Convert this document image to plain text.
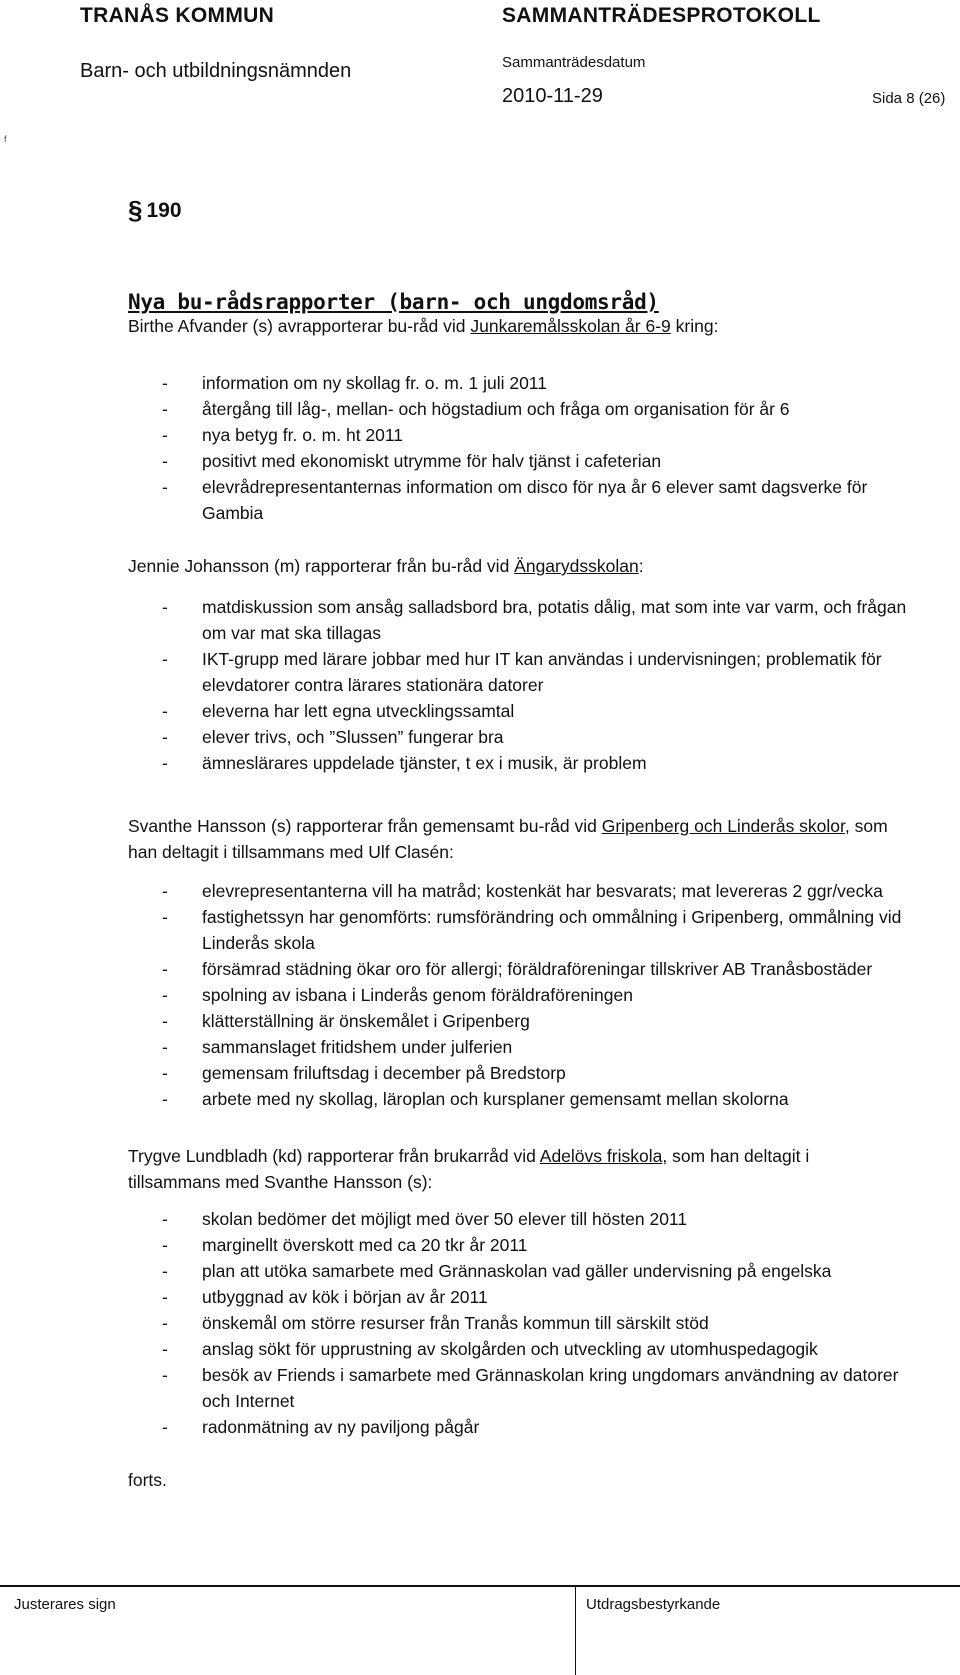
TRANÅS KOMMUN
Barn- och utbildningsnämnden
SAMMANTRÄDESPROTOKOLL
Sammanträdesdatum
2010-11-29	Sida 8 (26)
f
§ 190
Nya bu-rådsrapporter (barn- och ungdomsråd)
Birthe Afvander (s) avrapporterar bu-råd vid Junkaremålsskolan år 6-9 kring:
- information om ny skollag fr. o. m. 1 juli 2011
- återgång till låg-, mellan- och högstadium och fråga om organisation för år 6
- nya betyg fr. o. m. ht 2011
- positivt med ekonomiskt utrymme för halv tjänst i cafeterian
- elevrådrepresentanternas information om disco för nya år 6 elever samt dagsverke för
Gambia
Jennie Johansson (m) rapporterar från bu-råd vid Ängarydsskolan:
- matdiskussion som ansåg salladsbord bra, potatis dålig, mat som inte var varm, och frågan
om var mat ska tillagas
- IKT-grupp med lärare jobbar med hur IT kan användas i undervisningen; problematik för
elevdatorer contra lärares stationära datorer
- eleverna har lett egna utvecklingssamtal
- elever trivs, och ”Slussen” fungerar bra
- ämneslärares uppdelade tjänster, t ex i musik, är problem
Svanthe Hansson (s) rapporterar från gemensamt bu-råd vid Gripenberg och Linderås skolor, som
han deltagit i tillsammans med Ulf Clasén:
- elevrepresentanterna vill ha matråd; kostenkät har besvarats; mat levereras 2 ggr/vecka
- fastighetssyn har genomförts: rumsförändring och ommålning i Gripenberg, ommålning vid
Linderås skola
- försämrad städning ökar oro för allergi; föräldraföreningar tillskriver AB Tranåsbostäder
- spolning av isbana i Linderås genom föräldraföreningen
- klätterställning är önskemålet i Gripenberg
- sammanslaget fritidshem under julferien
- gemensam friluftsdag i december på Bredstorp
- arbete med ny skollag, läroplan och kursplaner gemensamt mellan skolorna
Trygve Lundbladh (kd) rapporterar från brukarråd vid Adelövs friskola, som han deltagit i
tillsammans med Svanthe Hansson (s):
- skolan bedömer det möjligt med över 50 elever till hösten 2011
- marginellt överskott med ca 20 tkr år 2011
- plan att utöka samarbete med Grännaskolan vad gäller undervisning på engelska
- utbyggnad av kök i början av år 2011
- önskemål om större resurser från Tranås kommun till särskilt stöd
- anslag sökt för upprustning av skolgården och utveckling av utomhuspedagogik
- besök av Friends i samarbete med Grännaskolan kring ungdomars användning av datorer
och Internet
- radonmätning av ny paviljong pågår
forts.
Justerares sign	Utdragsbestyrkande
